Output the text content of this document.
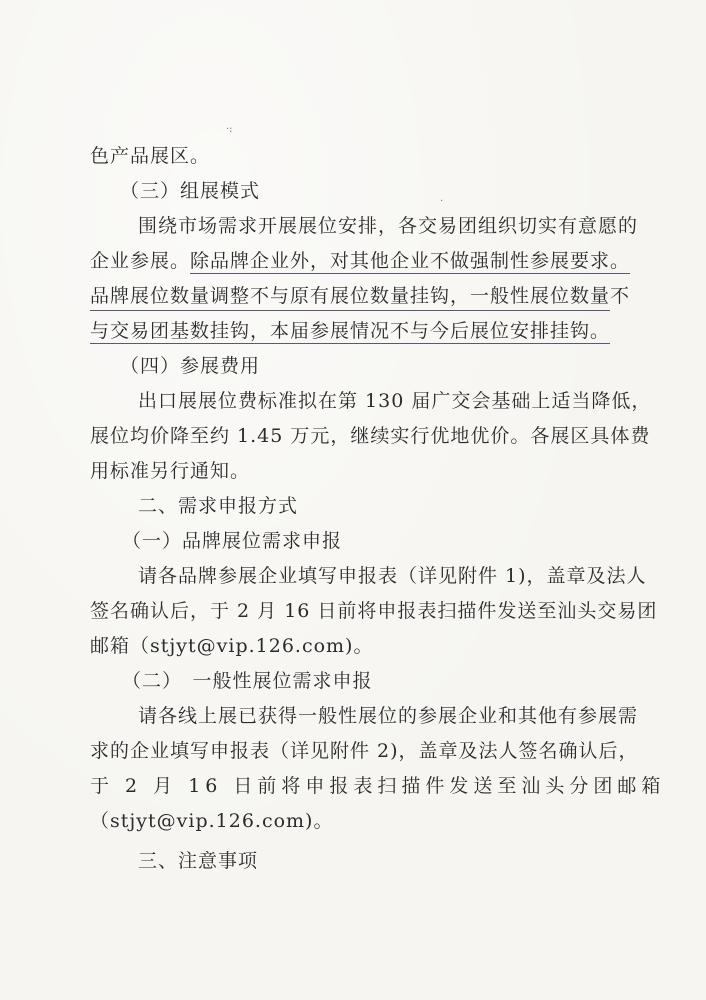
·:
·
色产品展区。
（三）组展模式
围绕市场需求开展展位安排，各交易团组织切实有意愿的
企业参展。除品牌企业外，对其他企业不做强制性参展要求。
品牌展位数量调整不与原有展位数量挂钩，一般性展位数量不
与交易团基数挂钩，本届参展情况不与今后展位安排挂钩。
（四）参展费用
出口展展位费标准拟在第 130 届广交会基础上适当降低，
展位均价降至约 1.45 万元，继续实行优地优价。各展区具体费
用标准另行通知。
二、需求申报方式
（一）品牌展位需求申报
请各品牌参展企业填写申报表（详见附件 1)，盖章及法人
签名确认后，于 2 月 16 日前将申报表扫描件发送至汕头交易团
邮箱（stjyt@vip.126.com)。
（二）　一般性展位需求申报
请各线上展已获得一般性展位的参展企业和其他有参展需
求的企业填写申报表（详见附件 2)，盖章及法人签名确认后，
于 2 月 16 日前将申报表扫描件发送至汕头分团邮箱
（stjyt@vip.126.com)。
三、注意事项
